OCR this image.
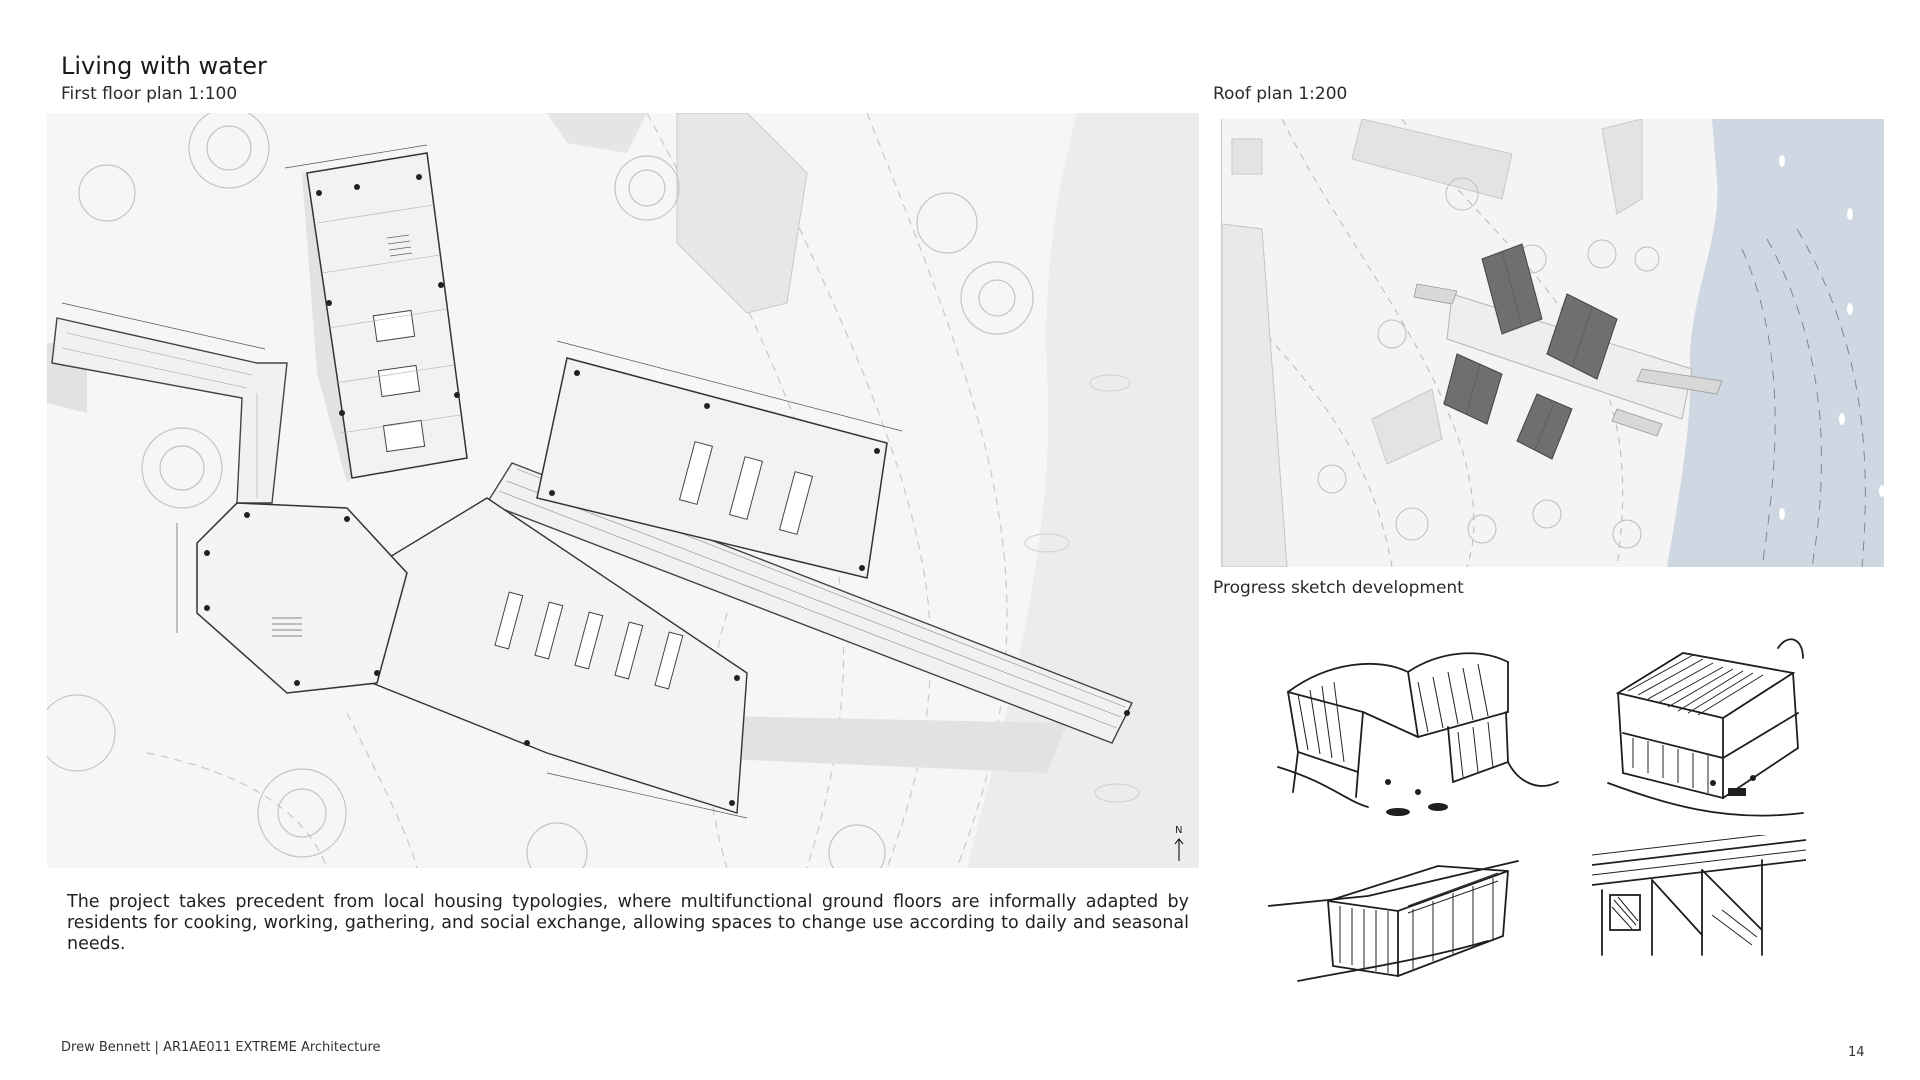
Living with water
First floor plan 1:100	Roof plan 1:200
Progress sketch development
N
The project takes precedent from local housing typologies, where multifunctional ground floors are informally adapted by residents for cooking, working, gathering, and social exchange, allowing spaces to change use according to daily and seasonal needs.
Drew Bennett | AR1AE011 EXTREME Architecture	14
